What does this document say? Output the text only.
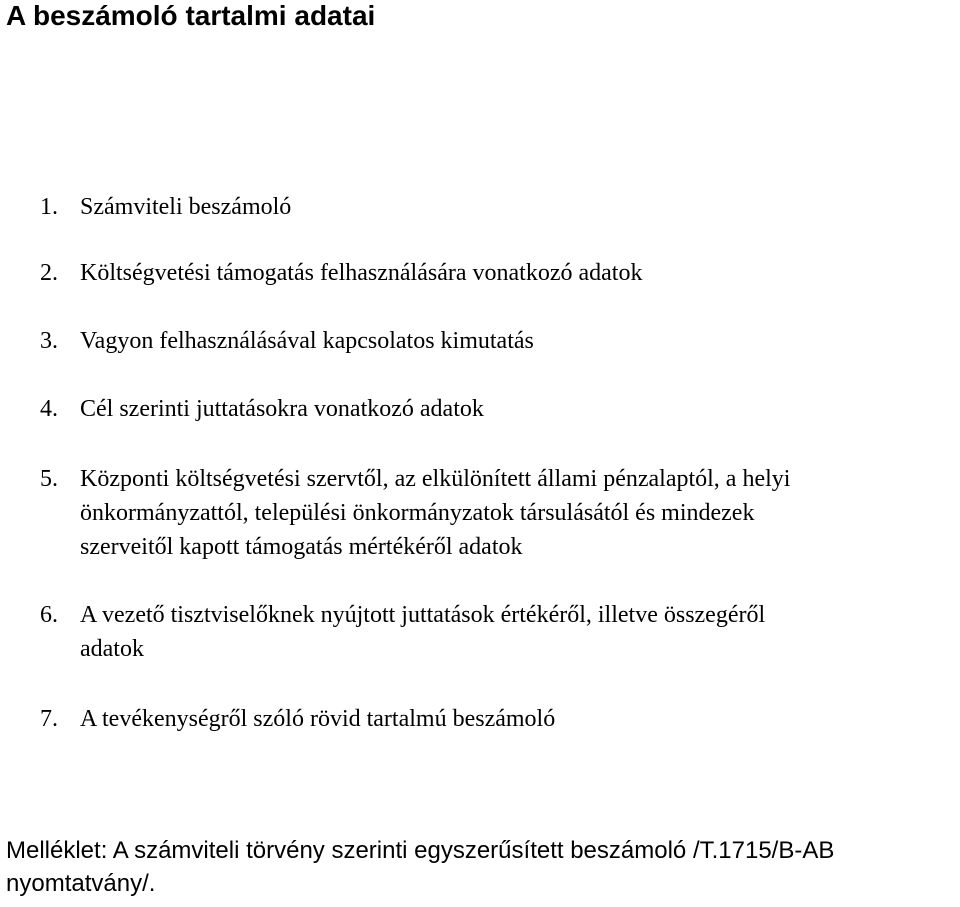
A beszámoló tartalmi adatai
1. Számviteli beszámoló
2. Költségvetési támogatás felhasználására vonatkozó adatok
3. Vagyon felhasználásával kapcsolatos kimutatás
4. Cél szerinti juttatásokra vonatkozó adatok
5. Központi költségvetési szervtől, az elkülönített állami pénzalaptól, a helyi
önkormányzattól, települési önkormányzatok társulásától és mindezek
szerveitől kapott támogatás mértékéről adatok
6. A vezető tisztviselőknek nyújtott juttatások értékéről, illetve összegéről
adatok
7. A tevékenységről szóló rövid tartalmú beszámoló

Melléklet: A számviteli törvény szerinti egyszerűsített beszámoló /T.1715/B-AB
nyomtatvány/.
